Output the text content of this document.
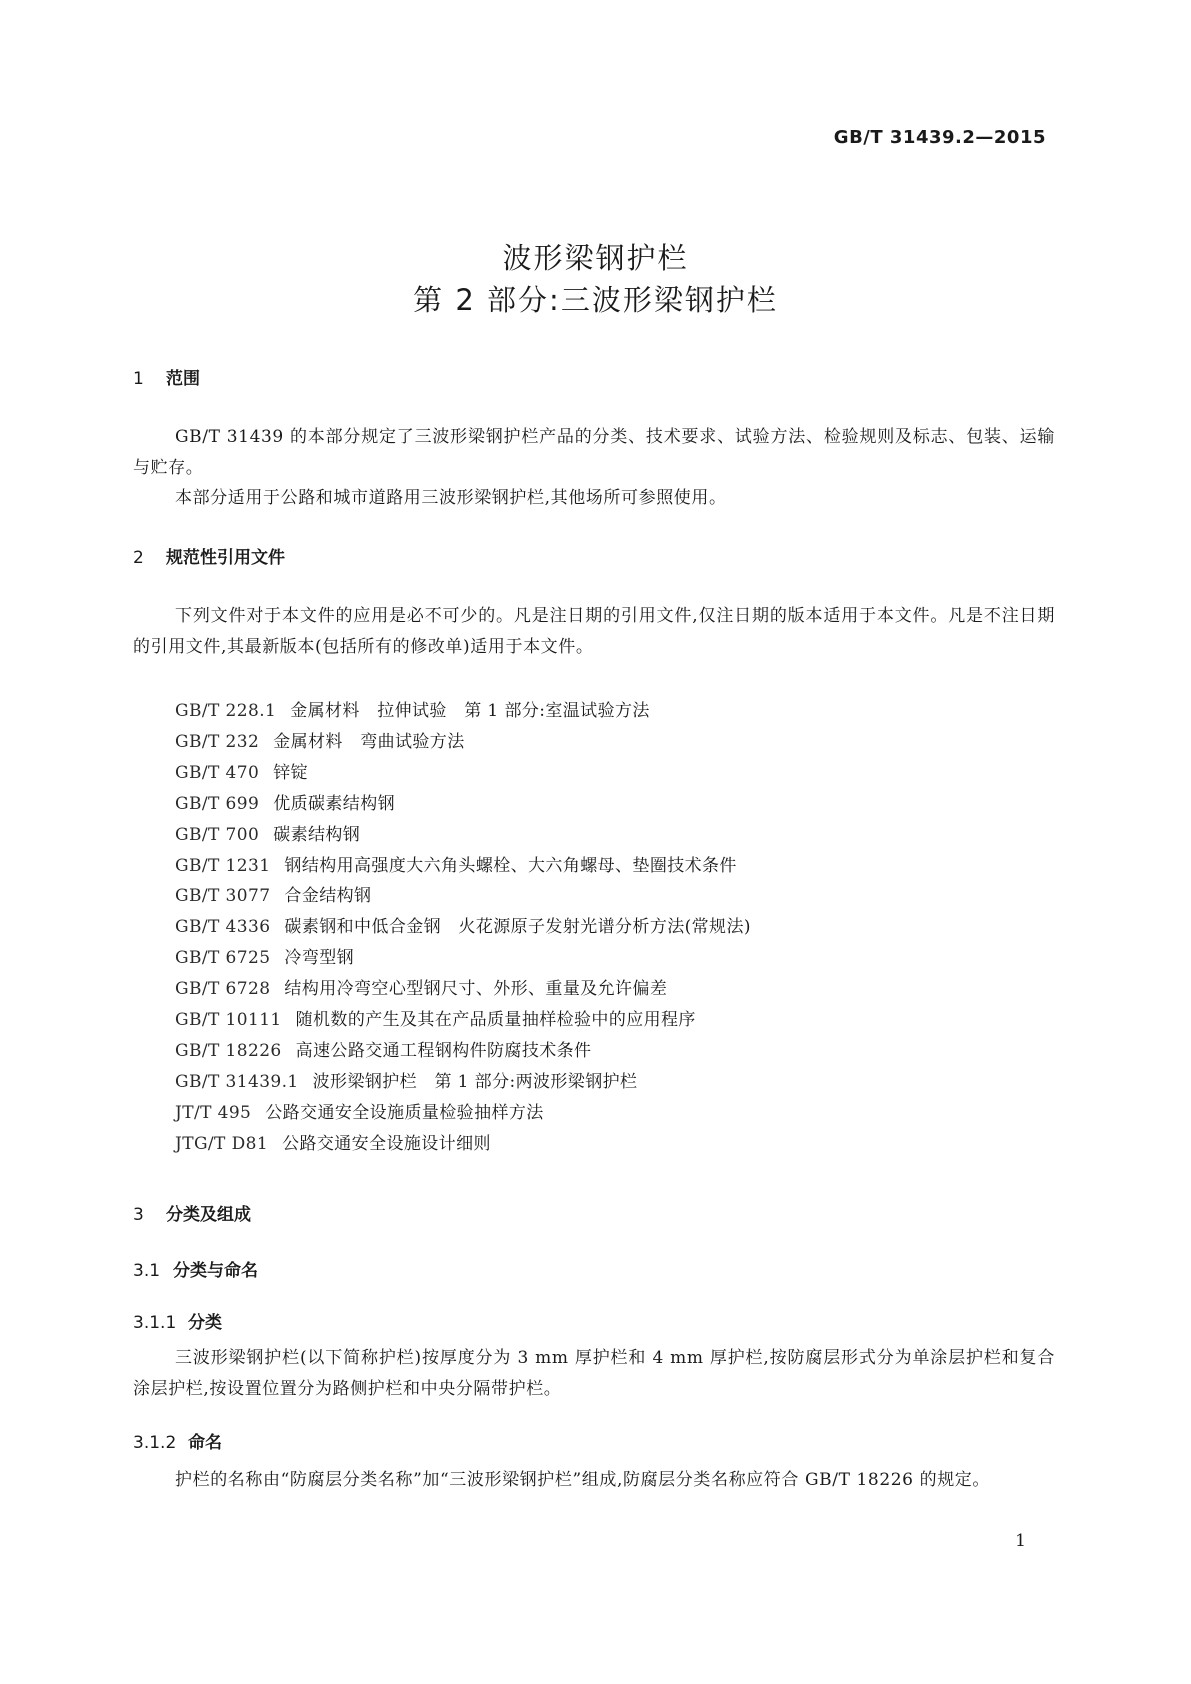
GB/T 31439.2—2015
波形梁钢护栏
第 2 部分:三波形梁钢护栏
1 范围

GB/T 31439 的本部分规定了三波形梁钢护栏产品的分类、技术要求、试验方法、检验规则及标志、包装、运输与贮存。

本部分适用于公路和城市道路用三波形梁钢护栏,其他场所可参照使用。

2 规范性引用文件

下列文件对于本文件的应用是必不可少的。凡是注日期的引用文件,仅注日期的版本适用于本文件。凡是不注日期的引用文件,其最新版本(包括所有的修改单)适用于本文件。

GB/T 228.1 金属材料　拉伸试验　第 1 部分:室温试验方法
GB/T 232 金属材料　弯曲试验方法
GB/T 470 锌锭
GB/T 699 优质碳素结构钢
GB/T 700 碳素结构钢
GB/T 1231 钢结构用高强度大六角头螺栓、大六角螺母、垫圈技术条件
GB/T 3077 合金结构钢
GB/T 4336 碳素钢和中低合金钢　火花源原子发射光谱分析方法(常规法)
GB/T 6725 冷弯型钢
GB/T 6728 结构用冷弯空心型钢尺寸、外形、重量及允许偏差
GB/T 10111 随机数的产生及其在产品质量抽样检验中的应用程序
GB/T 18226 高速公路交通工程钢构件防腐技术条件
GB/T 31439.1 波形梁钢护栏　第 1 部分:两波形梁钢护栏
JT/T 495 公路交通安全设施质量检验抽样方法
JTG/T D81 公路交通安全设施设计细则
3 分类及组成
3.1 分类与命名
3.1.1 分类

三波形梁钢护栏(以下简称护栏)按厚度分为 3 mm 厚护栏和 4 mm 厚护栏,按防腐层形式分为单涂层护栏和复合涂层护栏,按设置位置分为路侧护栏和中央分隔带护栏。

3.1.2 命名

护栏的名称由“防腐层分类名称”加“三波形梁钢护栏”组成,防腐层分类名称应符合 GB/T 18226 的规定。

1
